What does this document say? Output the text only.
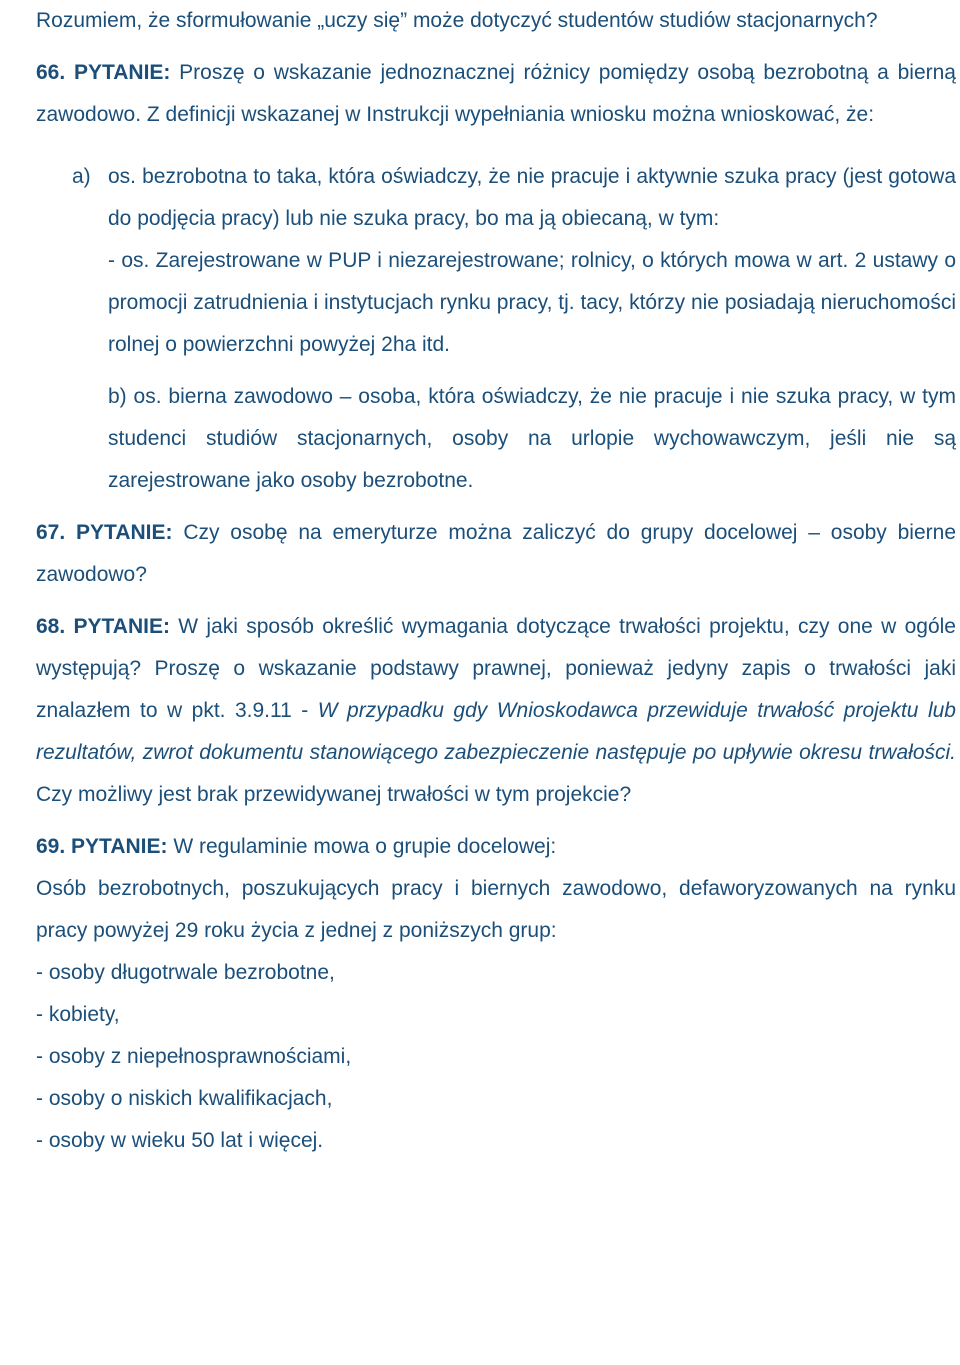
Rozumiem, że sformułowanie „uczy się” może dotyczyć studentów studiów stacjonarnych?

66. PYTANIE: Proszę o wskazanie jednoznacznej różnicy pomiędzy osobą bezrobotną a bierną zawodowo. Z definicji wskazanej w Instrukcji wypełniania wniosku można wnioskować, że:

a) os. bezrobotna to taka, która oświadczy, że nie pracuje i aktywnie szuka pracy (jest gotowa do podjęcia pracy) lub nie szuka pracy, bo ma ją obiecaną, w tym:
- os. Zarejestrowane w PUP i niezarejestrowane; rolnicy, o których mowa w art. 2 ustawy o promocji zatrudnienia i instytucjach rynku pracy, tj. tacy, którzy nie posiadają nieruchomości rolnej o powierzchni powyżej 2ha itd.
b) os. bierna zawodowo – osoba, która oświadczy, że nie pracuje i nie szuka pracy, w tym studenci studiów stacjonarnych, osoby na urlopie wychowawczym, jeśli nie są zarejestrowane jako osoby bezrobotne.

67. PYTANIE: Czy osobę na emeryturze można zaliczyć do grupy docelowej – osoby bierne zawodowo?

68. PYTANIE: W jaki sposób określić wymagania dotyczące trwałości projektu, czy one w ogóle występują? Proszę o wskazanie podstawy prawnej, ponieważ jedyny zapis o trwałości jaki znalazłem to w pkt. 3.9.11 - W przypadku gdy Wnioskodawca przewiduje trwałość projektu lub rezultatów, zwrot dokumentu stanowiącego zabezpieczenie następuje po upływie okresu trwałości. Czy możliwy jest brak przewidywanej trwałości w tym projekcie?

69. PYTANIE: W regulaminie mowa o grupie docelowej:

Osób bezrobotnych, poszukujących pracy i biernych zawodowo, defaworyzowanych na rynku pracy powyżej 29 roku życia z jednej z poniższych grup:

- osoby długotrwale bezrobotne,
- kobiety,
- osoby z niepełnosprawnościami,
- osoby o niskich kwalifikacjach,
- osoby w wieku 50 lat i więcej.
